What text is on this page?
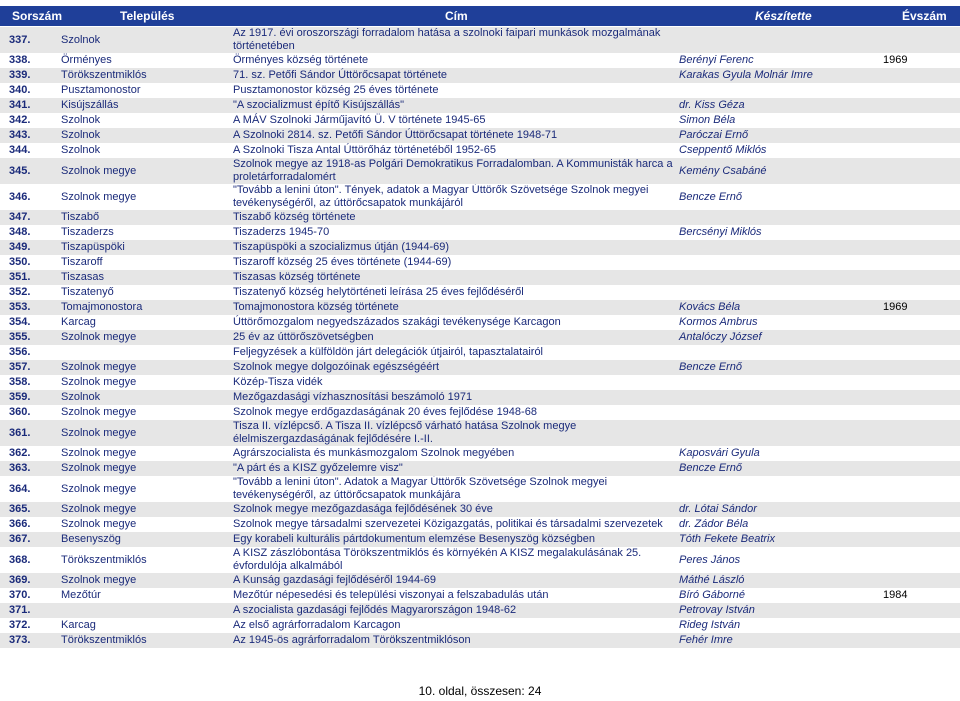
Sorszám	Település	Cím	Készítette	Évszám
337.	Szolnok	Az 1917. évi oroszországi forradalom hatása a szolnoki faipari munkások mozgalmának történetében		
338.	Örményes	Örményes község története	Berényi Ferenc	1969
339.	Törökszentmiklós	71. sz. Petőfi Sándor Úttörőcsapat története	Karakas Gyula Molnár Imre	
340.	Pusztamonostor	Pusztamonostor község 25 éves története		
341.	Kisújszállás	"A szocializmust építő Kisújszállás"	dr. Kiss Géza	
342.	Szolnok	A MÁV Szolnoki Járműjavító Ü. V története 1945-65	Simon Béla	
343.	Szolnok	A Szolnoki 2814. sz. Petőfi Sándor Úttörőcsapat története 1948-71	Paróczai Ernő	
344.	Szolnok	A Szolnoki Tisza Antal Úttörőház történetéből 1952-65	Cseppentő Miklós	
345.	Szolnok megye	Szolnok megye az 1918-as Polgári Demokratikus Forradalomban. A Kommunisták harca a proletárforradalomért	Kemény Csabáné	
346.	Szolnok megye	"Tovább a lenini úton". Tények, adatok a Magyar Úttörők Szövetsége Szolnok megyei tevékenységéről, az úttörőcsapatok munkájáról	Bencze Ernő	
347.	Tiszabő	Tiszabő község története		
348.	Tiszaderzs	Tiszaderzs 1945-70	Bercsényi Miklós	
349.	Tiszapüspöki	Tiszapüspöki a szocializmus útján (1944-69)		
350.	Tiszaroff	Tiszaroff község 25 éves története (1944-69)		
351.	Tiszasas	Tiszasas község története		
352.	Tiszatenyő	Tiszatenyő község helytörténeti leírása 25 éves fejlődéséről		
353.	Tomajmonostora	Tomajmonostora község története	Kovács Béla	1969
354.	Karcag	Úttörőmozgalom negyedszázados szakági tevékenysége Karcagon	Kormos Ambrus	
355.	Szolnok megye	25 év az úttörőszövetségben	Antalóczy József	
356.		Feljegyzések a külföldön járt delegációk útjairól, tapasztalatairól		
357.	Szolnok megye	Szolnok megye dolgozóinak egészségéért	Bencze Ernő	
358.	Szolnok megye	Közép-Tisza vidék		
359.	Szolnok	Mezőgazdasági vízhasznosítási beszámoló 1971		
360.	Szolnok megye	Szolnok megye erdőgazdaságának 20 éves fejlődése 1948-68		
361.	Szolnok megye	Tisza II. vízlépcső. A Tisza II. vízlépcső várható hatása Szolnok megye élelmiszergazdaságának fejlődésére I.-II.		
362.	Szolnok megye	Agrárszocialista és munkásmozgalom Szolnok megyében	Kaposvári Gyula	
363.	Szolnok megye	"A párt és a KISZ győzelemre visz"	Bencze Ernő	
364.	Szolnok megye	"Tovább a lenini úton". Adatok a Magyar Úttörők Szövetsége Szolnok megyei tevékenységéről, az úttörőcsapatok munkájára		
365.	Szolnok megye	Szolnok megye mezőgazdasága fejlődésének 30 éve	dr. Lótai Sándor	
366.	Szolnok megye	Szolnok megye társadalmi szervezetei Közigazgatás, politikai és társadalmi szervezetek	dr. Zádor Béla	
367.	Besenyszög	Egy korabeli kulturális pártdokumentum elemzése Besenyszög községben	Tóth Fekete Beatrix	
368.	Törökszentmiklós	A KISZ zászlóbontása Törökszentmiklós és környékén A KISZ megalakulásának 25. évfordulója alkalmából	Peres János	
369.	Szolnok megye	A Kunság gazdasági fejlődéséről 1944-69	Máthé László	
370.	Mezőtúr	Mezőtúr népesedési és települési viszonyai a felszabadulás után	Bíró Gáborné	1984
371.		A szocialista gazdasági fejlődés Magyarországon 1948-62	Petrovay István	
372.	Karcag	Az első agrárforradalom Karcagon	Rideg István	
373.	Törökszentmiklós	Az 1945-ös agrárforradalom Törökszentmiklóson	Fehér Imre	
10. oldal, összesen: 24
